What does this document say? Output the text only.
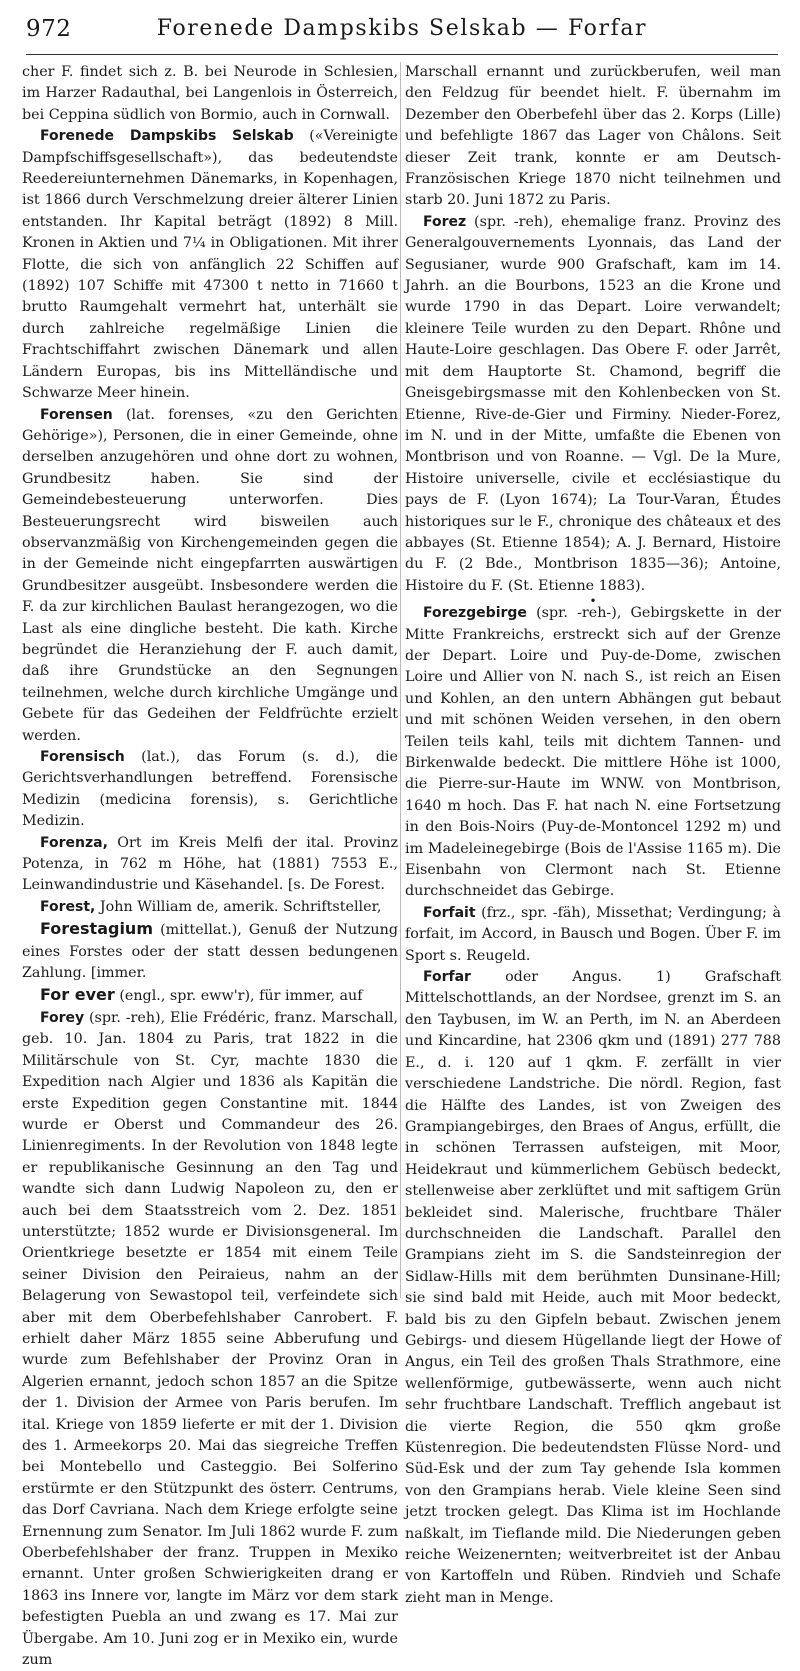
972	Forenede Dampskibs Selskab — Forfar

cher F. findet sich z. B. bei Neurode in Schlesien, im Harzer Radauthal, bei Langenlois in Österreich, bei Ceppina südlich von Bormio, auch in Cornwall.

Forenede Dampskibs Selskab («Vereinigte Dampfschiffsgesellschaft»), das bedeutendste Reedereiunternehmen Dänemarks, in Kopenhagen, ist 1866 durch Verschmelzung dreier älterer Linien entstanden. Ihr Kapital beträgt (1892) 8 Mill. Kronen in Aktien und 7¼ in Obligationen. Mit ihrer Flotte, die sich von anfänglich 22 Schiffen auf (1892) 107 Schiffe mit 47300 t netto in 71660 t brutto Raumgehalt vermehrt hat, unterhält sie durch zahlreiche regelmäßige Linien die Frachtschiffahrt zwischen Dänemark und allen Ländern Europas, bis ins Mittelländische und Schwarze Meer hinein.

Forensen (lat. forenses, «zu den Gerichten Gehörige»), Personen, die in einer Gemeinde, ohne derselben anzugehören und ohne dort zu wohnen, Grundbesitz haben. Sie sind der Gemeindebesteuerung unterworfen. Dies Besteuerungsrecht wird bisweilen auch observanzmäßig von Kirchengemeinden gegen die in der Gemeinde nicht eingepfarrten auswärtigen Grundbesitzer ausgeübt. Insbesondere werden die F. da zur kirchlichen Baulast herangezogen, wo die Last als eine dingliche besteht. Die kath. Kirche begründet die Heranziehung der F. auch damit, daß ihre Grundstücke an den Segnungen teilnehmen, welche durch kirchliche Umgänge und Gebete für das Gedeihen der Feldfrüchte erzielt werden.

Forensisch (lat.), das Forum (s. d.), die Gerichtsverhandlungen betreffend. Forensische Medizin (medicina forensis), s. Gerichtliche Medizin.

Forenza, Ort im Kreis Melfi der ital. Provinz Potenza, in 762 m Höhe, hat (1881) 7553 E., Leinwandindustrie und Käsehandel. [s. De Forest.

Forest, John William de, amerik. Schriftsteller,

Forestagium (mittellat.), Genuß der Nutzung eines Forstes oder der statt dessen bedungenen Zahlung. [immer.

For ever (engl., spr. eww'r), für immer, auf

Forey (spr. -reh), Elie Frédéric, franz. Marschall, geb. 10. Jan. 1804 zu Paris, trat 1822 in die Militärschule von St. Cyr, machte 1830 die Expedition nach Algier und 1836 als Kapitän die erste Expedition gegen Constantine mit. 1844 wurde er Oberst und Commandeur des 26. Linienregiments. In der Revolution von 1848 legte er republikanische Gesinnung an den Tag und wandte sich dann Ludwig Napoleon zu, den er auch bei dem Staatsstreich vom 2. Dez. 1851 unterstützte; 1852 wurde er Divisionsgeneral. Im Orientkriege besetzte er 1854 mit einem Teile seiner Division den Peiraieus, nahm an der Belagerung von Sewastopol teil, verfeindete sich aber mit dem Oberbefehlshaber Canrobert. F. erhielt daher März 1855 seine Abberufung und wurde zum Befehlshaber der Provinz Oran in Algerien ernannt, jedoch schon 1857 an die Spitze der 1. Division der Armee von Paris berufen. Im ital. Kriege von 1859 lieferte er mit der 1. Division des 1. Armeekorps 20. Mai das siegreiche Treffen bei Montebello und Casteggio. Bei Solferino erstürmte er den Stützpunkt des österr. Centrums, das Dorf Cavriana. Nach dem Kriege erfolgte seine Ernennung zum Senator. Im Juli 1862 wurde F. zum Oberbefehlshaber der franz. Truppen in Mexiko ernannt. Unter großen Schwierigkeiten drang er 1863 ins Innere vor, langte im März vor dem stark befestigten Puebla an und zwang es 17. Mai zur Übergabe. Am 10. Juni zog er in Mexiko ein, wurde zum

Marschall ernannt und zurückberufen, weil man den Feldzug für beendet hielt. F. übernahm im Dezember den Oberbefehl über das 2. Korps (Lille) und befehligte 1867 das Lager von Châlons. Seit dieser Zeit trank, konnte er am Deutsch-Französischen Kriege 1870 nicht teilnehmen und starb 20. Juni 1872 zu Paris.

Forez (spr. -reh), ehemalige franz. Provinz des Generalgouvernements Lyonnais, das Land der Segusianer, wurde 900 Grafschaft, kam im 14. Jahrh. an die Bourbons, 1523 an die Krone und wurde 1790 in das Depart. Loire verwandelt; kleinere Teile wurden zu den Depart. Rhône und Haute-Loire geschlagen. Das Obere F. oder Jarrêt, mit dem Hauptorte St. Chamond, begriff die Gneisgebirgsmasse mit den Kohlenbecken von St. Etienne, Rive-de-Gier und Firminy. Nieder-Forez, im N. und in der Mitte, umfaßte die Ebenen von Montbrison und von Roanne. — Vgl. De la Mure, Histoire universelle, civile et ecclésiastique du pays de F. (Lyon 1674); La Tour-Varan, Études historiques sur le F., chronique des châteaux et des abbayes (St. Etienne 1854); A. J. Bernard, Histoire du F. (2 Bde., Montbrison 1835—36); Antoine, Histoire du F. (St. Etienne 1883).

•

Forezgebirge (spr. -reh-), Gebirgskette in der Mitte Frankreichs, erstreckt sich auf der Grenze der Depart. Loire und Puy-de-Dome, zwischen Loire und Allier von N. nach S., ist reich an Eisen und Kohlen, an den untern Abhängen gut bebaut und mit schönen Weiden versehen, in den obern Teilen teils kahl, teils mit dichtem Tannen- und Birkenwalde bedeckt. Die mittlere Höhe ist 1000, die Pierre-sur-Haute im WNW. von Montbrison, 1640 m hoch. Das F. hat nach N. eine Fortsetzung in den Bois-Noirs (Puy-de-Montoncel 1292 m) und im Madeleinegebirge (Bois de l'Assise 1165 m). Die Eisenbahn von Clermont nach St. Etienne durchschneidet das Gebirge.

Forfait (frz., spr. -fäh), Missethat; Verdingung; à forfait, im Accord, in Bausch und Bogen. Über F. im Sport s. Reugeld.

Forfar oder Angus. 1) Grafschaft Mittelschottlands, an der Nordsee, grenzt im S. an den Taybusen, im W. an Perth, im N. an Aberdeen und Kincardine, hat 2306 qkm und (1891) 277 788 E., d. i. 120 auf 1 qkm. F. zerfällt in vier verschiedene Landstriche. Die nördl. Region, fast die Hälfte des Landes, ist von Zweigen des Grampiangebirges, den Braes of Angus, erfüllt, die in schönen Terrassen aufsteigen, mit Moor, Heidekraut und kümmerlichem Gebüsch bedeckt, stellenweise aber zerklüftet und mit saftigem Grün bekleidet sind. Malerische, fruchtbare Thäler durchschneiden die Landschaft. Parallel den Grampians zieht im S. die Sandsteinregion der Sidlaw-Hills mit dem berühmten Dunsinane-Hill; sie sind bald mit Heide, auch mit Moor bedeckt, bald bis zu den Gipfeln bebaut. Zwischen jenem Gebirgs- und diesem Hügellande liegt der Howe of Angus, ein Teil des großen Thals Strathmore, eine wellenförmige, gutbewässerte, wenn auch nicht sehr fruchtbare Landschaft. Trefflich angebaut ist die vierte Region, die 550 qkm große Küstenregion. Die bedeutendsten Flüsse Nord- und Süd-Esk und der zum Tay gehende Isla kommen von den Grampians herab. Viele kleine Seen sind jetzt trocken gelegt. Das Klima ist im Hochlande naßkalt, im Tieflande mild. Die Niederungen geben reiche Weizenernten; weitverbreitet ist der Anbau von Kartoffeln und Rüben. Rindvieh und Schafe zieht man in Menge.
